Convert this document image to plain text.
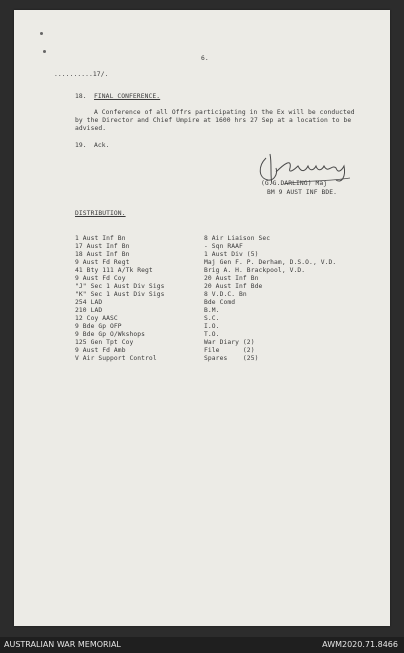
6.
..........17/.
18. FINAL CONFERENCE.
A Conference of all Offrs participating in the Ex will be conducted
by the Director and Chief Umpire at 1600 hrs 27 Sep at a location to be
advised.
19. Ack.
(G.G.DARLING) Maj
BM 9 AUST INF BDE.
DISTRIBUTION.
1 Aust Inf Bn
17 Aust Inf Bn
18 Aust Inf Bn
9 Aust Fd Regt
41 Bty 111 A/Tk Regt
9 Aust Fd Coy
"J" Sec 1 Aust Div Sigs
"K" Sec 1 Aust Div Sigs
254 LAD
210 LAD
12 Coy AASC
9 Bde Gp OFP
9 Bde Gp O/Wkshops
125 Gen Tpt Coy
9 Aust Fd Amb
V Air Support Control
8 Air Liaison Sec
- Sqn RAAF
1 Aust Div (5)
Maj Gen F. P. Derham, D.S.O., V.D.
Brig A. H. Brackpool, V.D.
20 Aust Inf Bn
20 Aust Inf Bde
8 V.D.C. Bn
Bde Comd
B.M.
S.C.
I.O.
T.O.
War Diary (2)
File      (2)
Spares    (25)
AUSTRALIAN WAR MEMORIAL	AWM2020.71.8466
